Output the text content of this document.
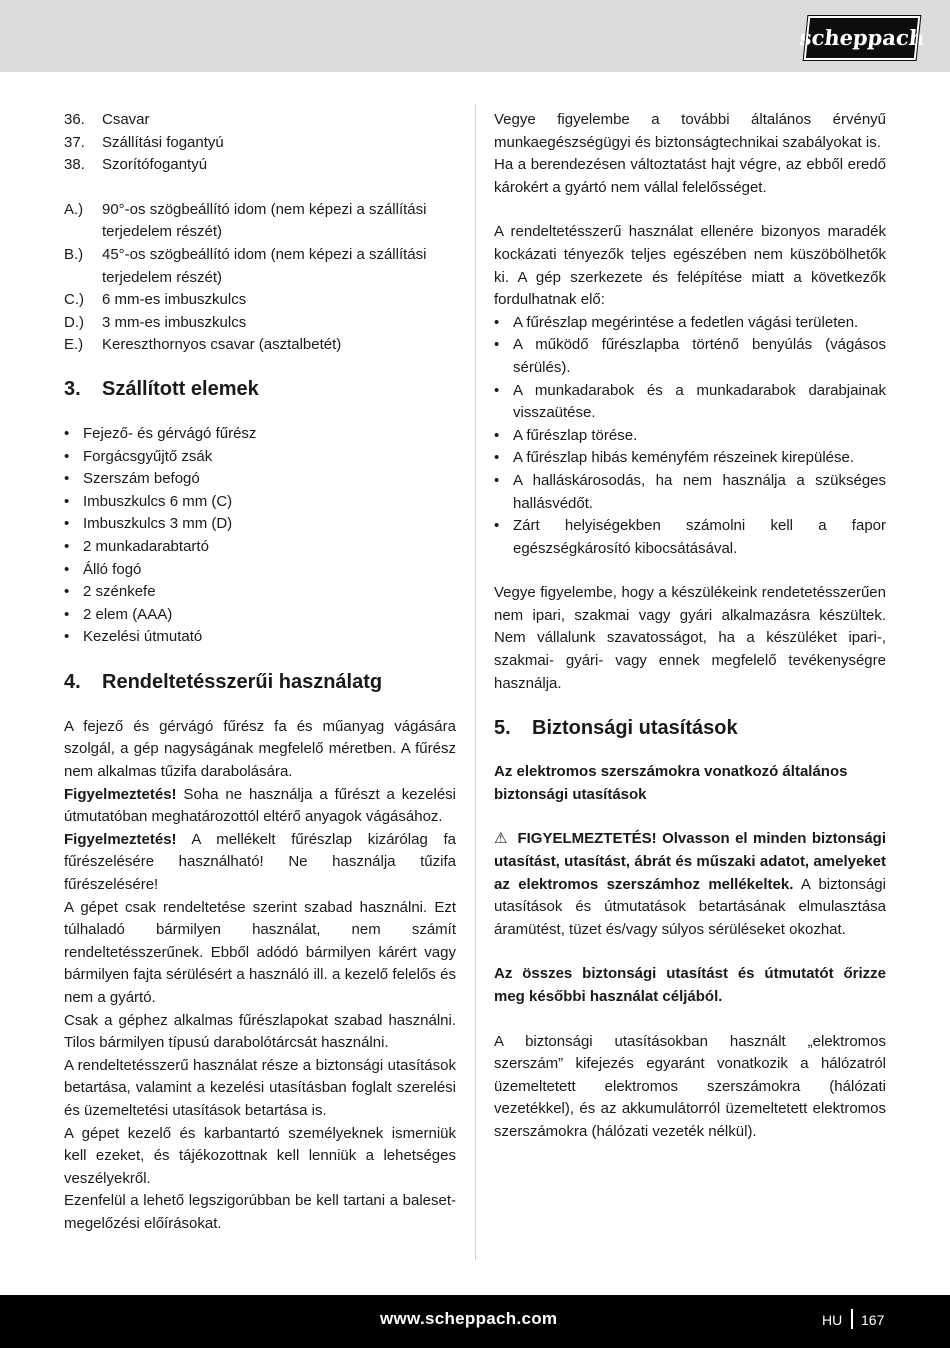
scheppach
36.	Csavar
37.	Szállítási fogantyú
38.	Szorítófogantyú
A.)	90°-os szögbeállító idom (nem képezi a szállítási terjedelem részét)
B.)	45°-os szögbeállító idom (nem képezi a szállítási terjedelem részét)
C.)	6 mm-es imbuszkulcs
D.)	3 mm-es imbuszkulcs
E.)	Kereszthornyos csavar (asztalbetét)
3.	Szállított elemek
• Fejező- és gérvágó fűrész
• Forgácsgyűjtő zsák
• Szerszám befogó
• Imbuszkulcs 6 mm (C)
• Imbuszkulcs 3 mm (D)
• 2 munkadarabtartó
• Álló fogó
• 2 szénkefe
• 2 elem (AAA)
• Kezelési útmutató
4.	Rendeltetésszerűi használatg

A fejező és gérvágó fűrész fa és műanyag vágására szolgál, a gép nagyságának megfelelő méretben. A fűrész nem alkalmas tűzifa darabolására.

Figyelmeztetés! Soha ne használja a fűrészt a kezelési útmutatóban meghatározottól eltérő anyagok vágásához.

Figyelmeztetés! A mellékelt fűrészlap kizárólag fa fűrészelésére használható! Ne használja tűzifa fűrészelésére!

A gépet csak rendeltetése szerint szabad használni. Ezt túlhaladó bármilyen használat, nem számít rendeltetésszerűnek. Ebből adódó bármilyen kárért vagy bármilyen fajta sérülésért a használó ill. a kezelő felelős és nem a gyártó.

Csak a géphez alkalmas fűrészlapokat szabad használni. Tilos bármilyen típusú darabolótárcsát használni.

A rendeltetésszerű használat része a biztonsági utasítások betartása, valamint a kezelési utasításban foglalt szerelési és üzemeltetési utasítások betartása is.

A gépet kezelő és karbantartó személyeknek ismerniük kell ezeket, és tájékozottnak kell lenniük a lehetséges veszélyekről.

Ezenfelül a lehető legszigorúbban be kell tartani a baleset-megelőzési előírásokat.

Vegye figyelembe a további általános érvényű munkaegészségügyi és biztonságtechnikai szabályokat is.

Ha a berendezésen változtatást hajt végre, az ebből eredő károkért a gyártó nem vállal felelősséget.

A rendeltetésszerű használat ellenére bizonyos maradék kockázati tényezők teljes egészében nem küszöbölhetők ki. A gép szerkezete és felépítése miatt a következők fordulhatnak elő:

• A fűrészlap megérintése a fedetlen vágási területen.
• A működő fűrészlapba történő benyúlás (vágásos sérülés).
• A munkadarabok és a munkadarabok darabjainak visszaütése.
• A fűrészlap törése.
• A fűrészlap hibás keményfém részeinek kirepülése.
• A halláskárosodás, ha nem használja a szükséges hallásvédőt.
• Zárt helyiségekben számolni kell a fapor egészségkárosító kibocsátásával.

Vegye figyelembe, hogy a készülékeink rendetetésszerűen nem ipari, szakmai vagy gyári alkalmazásra készültek. Nem vállalunk szavatosságot, ha a készüléket ipari-, szakmai- gyári- vagy ennek megfelelő tevékenységre használja.

5.	Biztonsági utasítások

Az elektromos szerszámokra vonatkozó általános biztonsági utasítások

⚠ FIGYELMEZTETÉS! Olvasson el minden biztonsági utasítást, utasítást, ábrát és műszaki adatot, amelyeket az elektromos szerszámhoz mellékeltek. A biztonsági utasítások és útmutatások betartásának elmulasztása áramütést, tüzet és/vagy súlyos sérüléseket okozhat.

Az összes biztonsági utasítást és útmutatót őrizze meg későbbi használat céljából.

A biztonsági utasításokban használt „elektromos szerszám” kifejezés egyaránt vonatkozik a hálózatról üzemeltetett elektromos szerszámokra (hálózati vezetékkel), és az akkumulátorról üzemeltetett elektromos szerszámokra (hálózati vezeték nélkül).

www.scheppach.com	HU 167
